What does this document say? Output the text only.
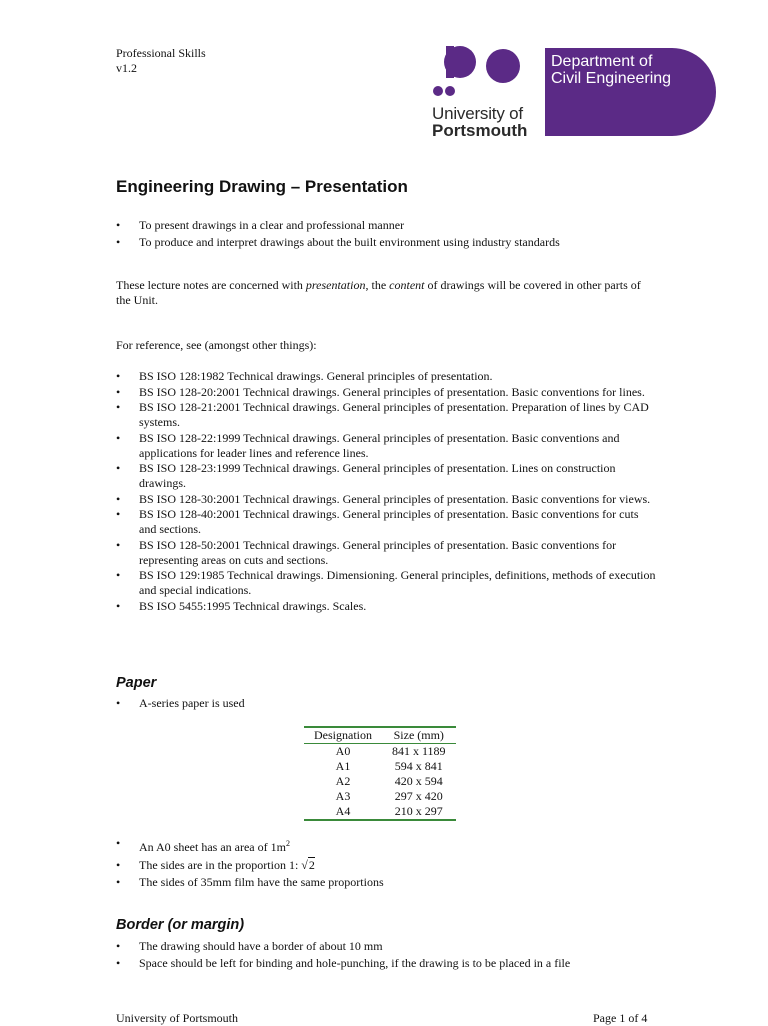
Professional Skills
v1.2
University of
Portsmouth
Department of
Civil Engineering
Engineering Drawing – Presentation
• To present drawings in a clear and professional manner
• To produce and interpret drawings about the built environment using industry standards

These lecture notes are concerned with presentation, the content of drawings will be covered in other parts of the Unit.

For reference, see (amongst other things):

• BS ISO 128:1982 Technical drawings. General principles of presentation.
• BS ISO 128-20:2001 Technical drawings. General principles of presentation. Basic conventions for lines.
• BS ISO 128-21:2001 Technical drawings. General principles of presentation. Preparation of lines by CAD systems.
• BS ISO 128-22:1999 Technical drawings. General principles of presentation. Basic conventions and applications for leader lines and reference lines.
• BS ISO 128-23:1999 Technical drawings. General principles of presentation. Lines on construction drawings.
• BS ISO 128-30:2001 Technical drawings. General principles of presentation. Basic conventions for views.
• BS ISO 128-40:2001 Technical drawings. General principles of presentation. Basic conventions for cuts and sections.
• BS ISO 128-50:2001 Technical drawings. General principles of presentation. Basic conventions for representing areas on cuts and sections.
• BS ISO 129:1985 Technical drawings. Dimensioning. General principles, definitions, methods of execution and special indications.
• BS ISO 5455:1995 Technical drawings. Scales.
Paper
• A-series paper is used
Designation	Size (mm)
A0	841 x 1189
A1	594 x 841
A2	420 x 594
A3	297 x 420
A4	210 x 297
• An A0 sheet has an area of $1m^2$
• The sides are in the proportion 1: √2
• The sides of 35mm film have the same proportions
Border (or margin)
• The drawing should have a border of about 10 mm
• Space should be left for binding and hole-punching, if the drawing is to be placed in a file
University of Portsmouth	Page 1 of 4
